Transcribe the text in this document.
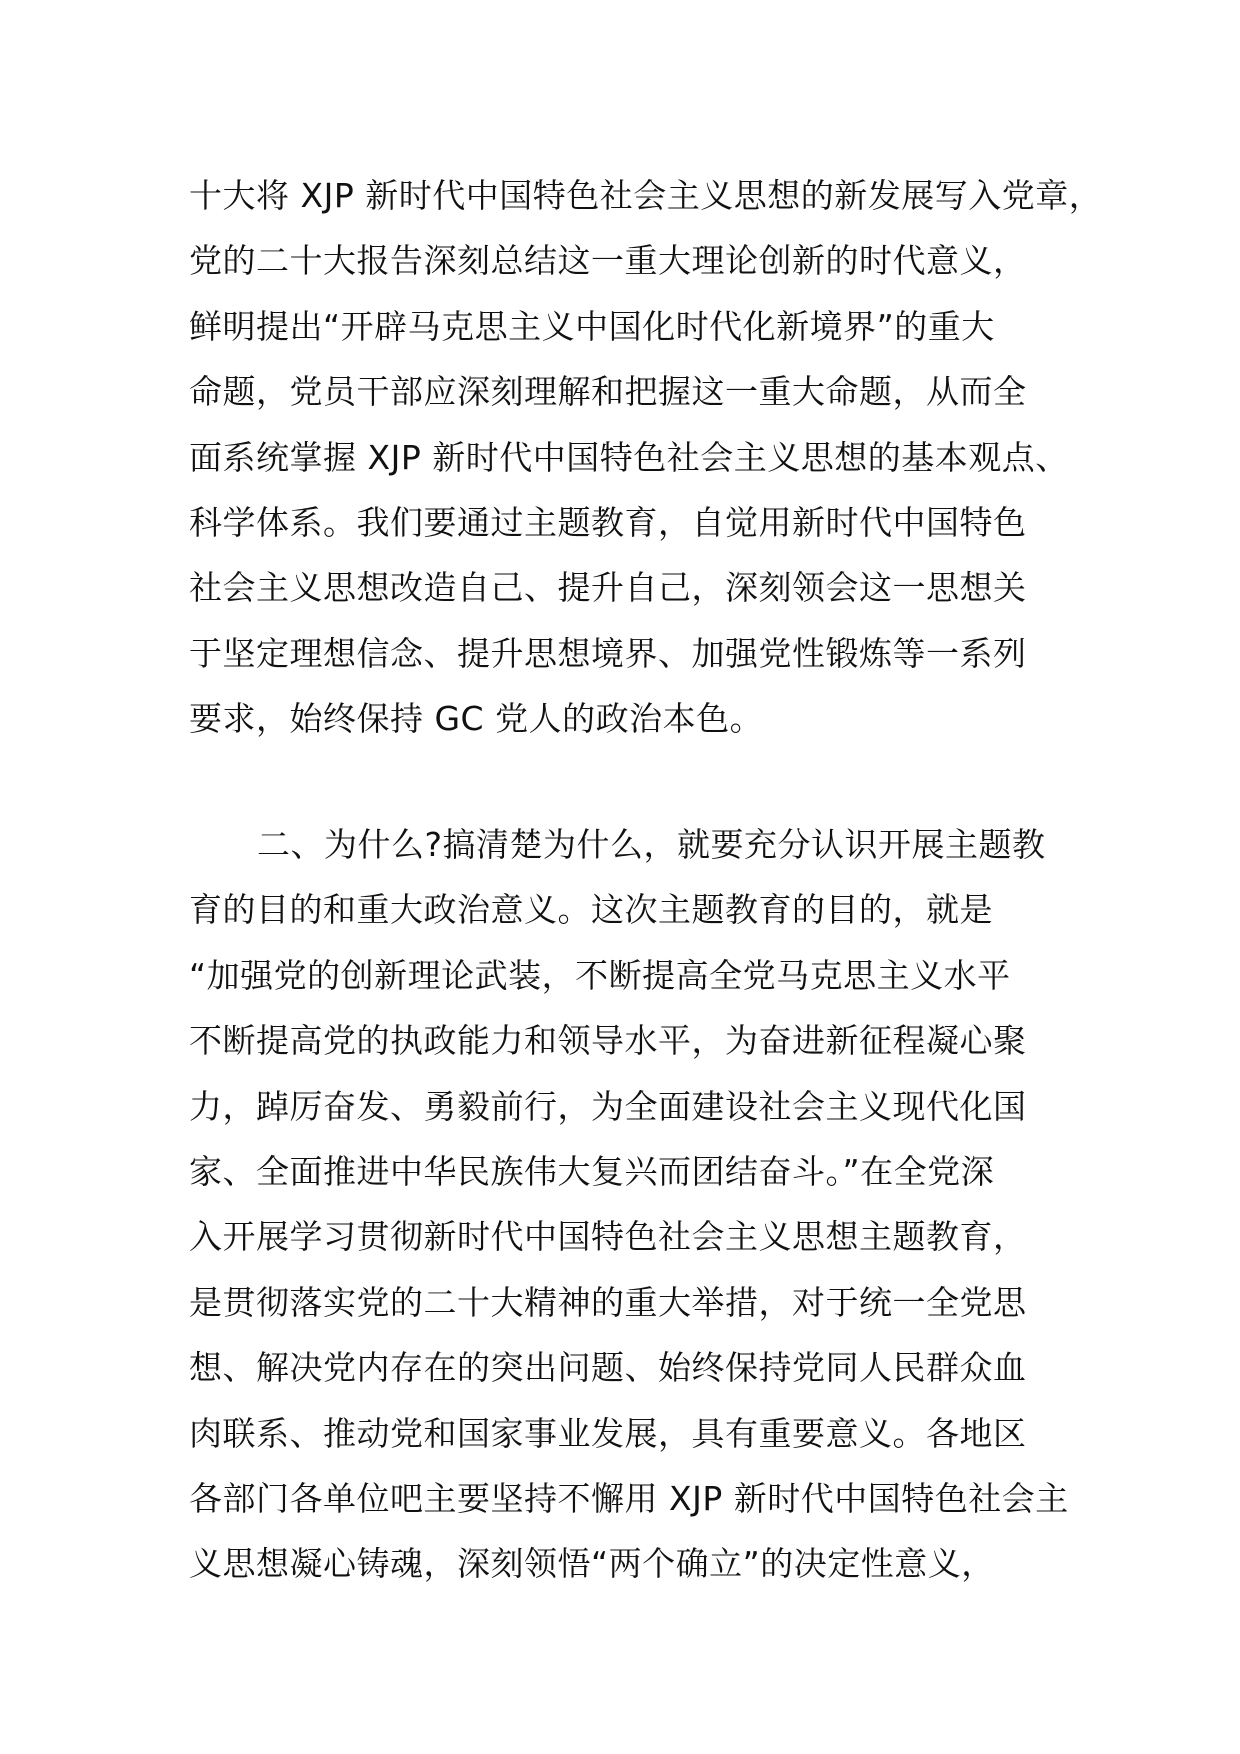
十大将 XJP 新时代中国特色社会主义思想的新发展写入党章，
党的二十大报告深刻总结这一重大理论创新的时代意义，
鲜明提出“开辟马克思主义中国化时代化新境界”的重大
命题，党员干部应深刻理解和把握这一重大命题，从而全
面系统掌握 XJP 新时代中国特色社会主义思想的基本观点、
科学体系。我们要通过主题教育，自觉用新时代中国特色
社会主义思想改造自己、提升自己，深刻领会这一思想关
于坚定理想信念、提升思想境界、加强党性锻炼等一系列
要求，始终保持 GC 党人的政治本色。
二、为什么?搞清楚为什么，就要充分认识开展主题教
育的目的和重大政治意义。这次主题教育的目的，就是
“加强党的创新理论武装，不断提高全党马克思主义水平
不断提高党的执政能力和领导水平，为奋进新征程凝心聚
力，踔厉奋发、勇毅前行，为全面建设社会主义现代化国
家、全面推进中华民族伟大复兴而团结奋斗。”在全党深
入开展学习贯彻新时代中国特色社会主义思想主题教育，
是贯彻落实党的二十大精神的重大举措，对于统一全党思
想、解决党内存在的突出问题、始终保持党同人民群众血
肉联系、推动党和国家事业发展，具有重要意义。各地区
各部门各单位吧主要坚持不懈用 XJP 新时代中国特色社会主
义思想凝心铸魂，深刻领悟“两个确立”的决定性意义，
